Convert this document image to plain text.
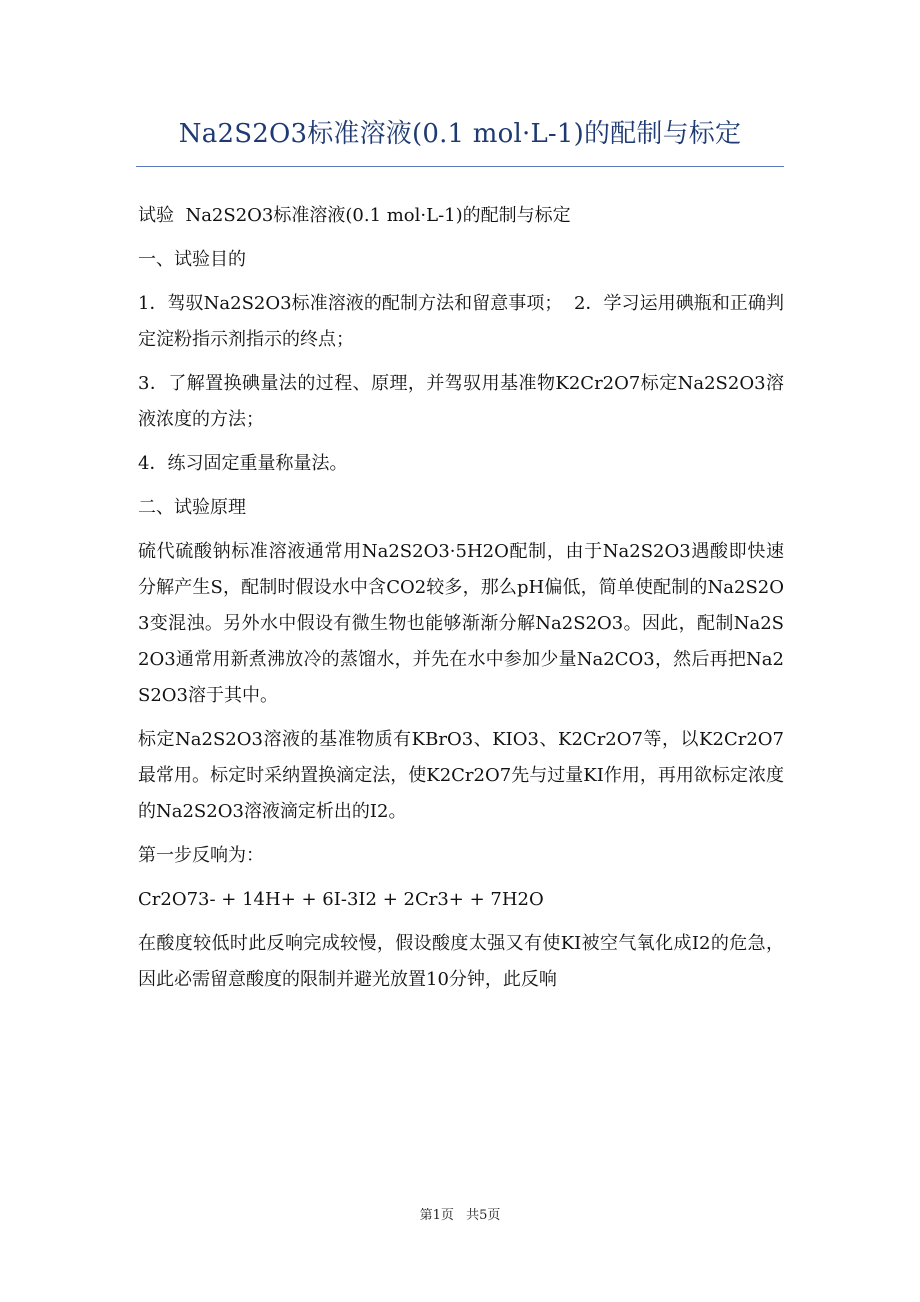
Na2S2O3标准溶液(0.1 mol·L-1)的配制与标定

试验  Na2S2O3标准溶液(0.1 mol·L-1)的配制与标定

一、试验目的

1．驾驭Na2S2O3标准溶液的配制方法和留意事项；  2．学习运用碘瓶和正确判定淀粉指示剂指示的终点；

3．了解置换碘量法的过程、原理，并驾驭用基准物K2Cr2O7标定Na2S2O3溶液浓度的方法；

4．练习固定重量称量法。

二、试验原理

硫代硫酸钠标准溶液通常用Na2S2O3·5H2O配制，由于Na2S2O3遇酸即快速分解产生S，配制时假设水中含CO2较多，那么pH偏低，简单使配制的Na2S2O3变混浊。另外水中假设有微生物也能够渐渐分解Na2S2O3。因此，配制Na2S2O3通常用新煮沸放冷的蒸馏水，并先在水中参加少量Na2CO3，然后再把Na2S2O3溶于其中。

标定Na2S2O3溶液的基准物质有KBrO3、KIO3、K2Cr2O7等，以K2Cr2O7最常用。标定时采纳置换滴定法，使K2Cr2O7先与过量KI作用，再用欲标定浓度的Na2S2O3溶液滴定析出的I2。

第一步反响为：

Cr2O73- + 14H+ + 6I-3I2 + 2Cr3+ + 7H2O

在酸度较低时此反响完成较慢，假设酸度太强又有使KI被空气氧化成I2的危急，因此必需留意酸度的限制并避光放置10分钟，此反响

第1页 共5页
